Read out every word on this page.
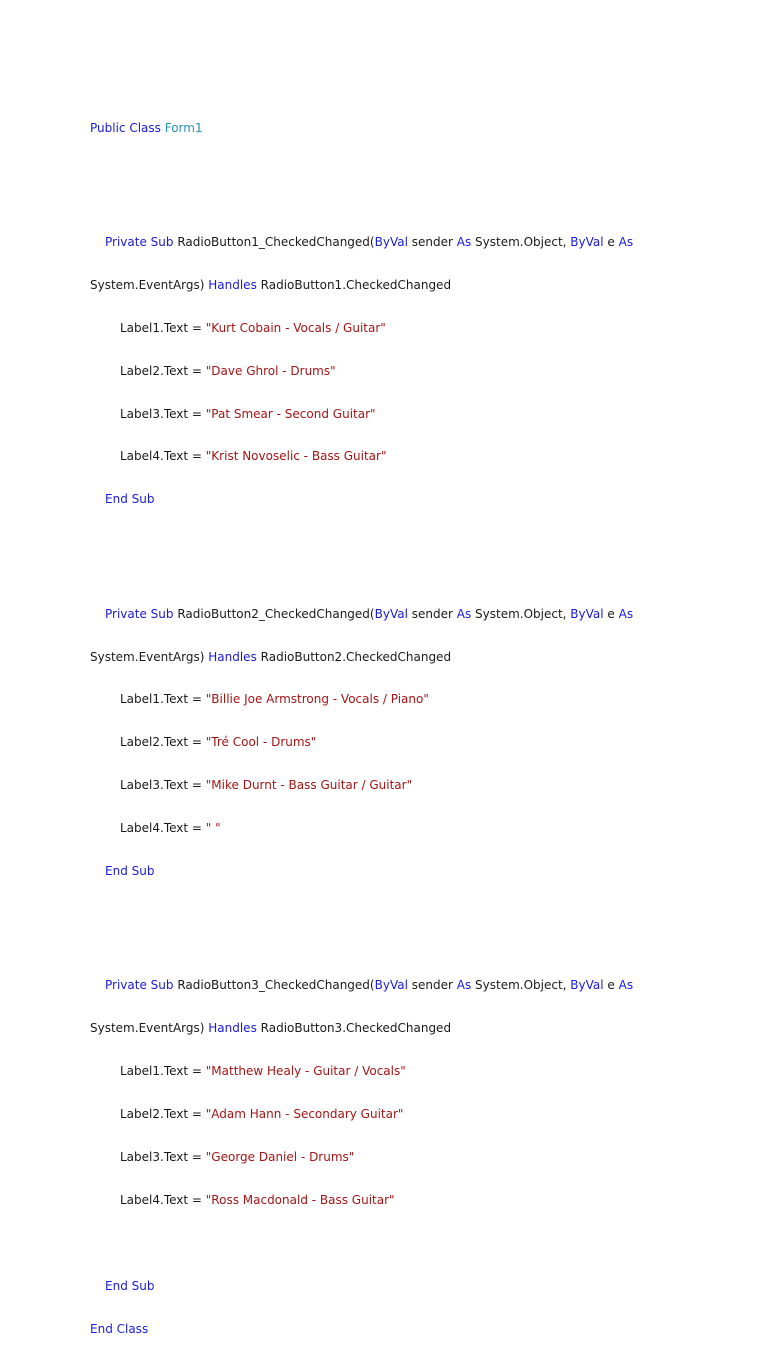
Public Class Form1

Private Sub RadioButton1_CheckedChanged(ByVal sender As System.Object, ByVal e As

System.EventArgs) Handles RadioButton1.CheckedChanged

Label1.Text = "Kurt Cobain - Vocals / Guitar"

Label2.Text = "Dave Ghrol - Drums"

Label3.Text = "Pat Smear - Second Guitar"

Label4.Text = "Krist Novoselic - Bass Guitar"

End Sub

Private Sub RadioButton2_CheckedChanged(ByVal sender As System.Object, ByVal e As

System.EventArgs) Handles RadioButton2.CheckedChanged

Label1.Text = "Billie Joe Armstrong - Vocals / Piano"

Label2.Text = "Tré Cool - Drums"

Label3.Text = "Mike Durnt - Bass Guitar / Guitar"

Label4.Text = " "

End Sub

Private Sub RadioButton3_CheckedChanged(ByVal sender As System.Object, ByVal e As

System.EventArgs) Handles RadioButton3.CheckedChanged

Label1.Text = "Matthew Healy - Guitar / Vocals"

Label2.Text = "Adam Hann - Secondary Guitar"

Label3.Text = "George Daniel - Drums"

Label4.Text = "Ross Macdonald - Bass Guitar"

End Sub

End Class
